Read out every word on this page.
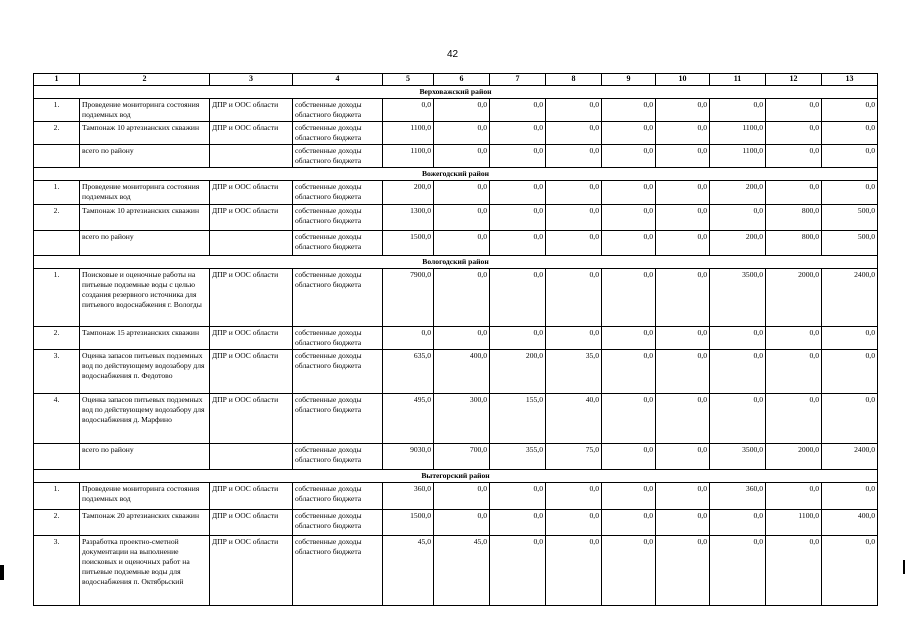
42
1	2	3	4	5	6	7	8	9	10	11	12	13
Верховажский район												
1.	Проведение мониторинга состояния подземных вод	ДПР и ООС области	собственные доходы областного бюджета	0,0	0,0	0,0	0,0	0,0	0,0	0,0	0,0	0,0
2.	Тампонаж 10 артезианских скважин	ДПР и ООС области	собственные доходы областного бюджета	1100,0	0,0	0,0	0,0	0,0	0,0	1100,0	0,0	0,0
	всего по району		собственные доходы областного бюджета	1100,0	0,0	0,0	0,0	0,0	0,0	1100,0	0,0	0,0
Вожегодский район												
1.	Проведение мониторинга состояния подземных вод	ДПР и ООС области	собственные доходы областного бюджета	200,0	0,0	0,0	0,0	0,0	0,0	200,0	0,0	0,0
2.	Тампонаж 10 артезианских скважин	ДПР и ООС области	собственные доходы областного бюджета	1300,0	0,0	0,0	0,0	0,0	0,0	0,0	800,0	500,0
	всего по району		собственные доходы областного бюджета	1500,0	0,0	0,0	0,0	0,0	0,0	200,0	800,0	500,0
Вологодский район												
1.	Поисковые и оценочные работы на питьевые подземные воды с целью создания резервного источника для питьевого водоснабжения г. Вологды	ДПР и ООС области	собственные доходы областного бюджета	7900,0	0,0	0,0	0,0	0,0	0,0	3500,0	2000,0	2400,0
2.	Тампонаж 15 артезианских скважин	ДПР и ООС области	собственные доходы областного бюджета	0,0	0,0	0,0	0,0	0,0	0,0	0,0	0,0	0,0
3.	Оценка запасов питьевых подземных вод по действующему водозабору для водоснабжения п. Федотово	ДПР и ООС области	собственные доходы областного бюджета	635,0	400,0	200,0	35,0	0,0	0,0	0,0	0,0	0,0
4.	Оценка запасов питьевых подземных вод по действующему водозабору для водоснабжения д. Марфино	ДПР и ООС области	собственные доходы областного бюджета	495,0	300,0	155,0	40,0	0,0	0,0	0,0	0,0	0,0
	всего по району		собственные доходы областного бюджета	9030,0	700,0	355,0	75,0	0,0	0,0	3500,0	2000,0	2400,0
Вытегорский район												
1.	Проведение мониторинга состояния подземных вод	ДПР и ООС области	собственные доходы областного бюджета	360,0	0,0	0,0	0,0	0,0	0,0	360,0	0,0	0,0
2.	Тампонаж 20 артезианских скважин	ДПР и ООС области	собственные доходы областного бюджета	1500,0	0,0	0,0	0,0	0,0	0,0	0,0	1100,0	400,0
3.	Разработка проектно-сметной документации на выполнение поисковых и оценочных работ на питьевые подземные воды для водоснабжения п. Октябрьский	ДПР и ООС области	собственные доходы областного бюджета	45,0	45,0	0,0	0,0	0,0	0,0	0,0	0,0	0,0
